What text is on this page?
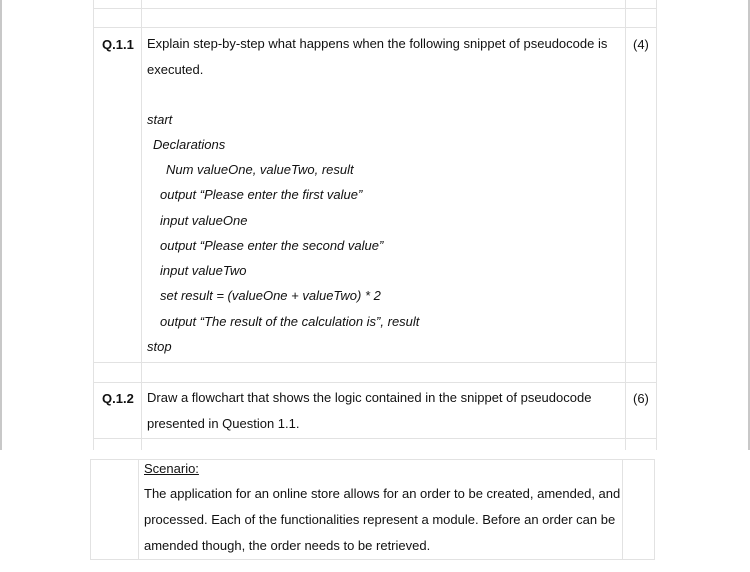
Q.1.1 Explain step-by-step what happens when the following snippet of pseudocode is
executed.

(4)
start
Declarations
Num valueOne, valueTwo, result
output “Please enter the first value”
input valueOne
output “Please enter the second value”
input valueTwo
set result = (valueOne + valueTwo) * 2
output “The result of the calculation is”, result
stop
Q.1.2 Draw a flowchart that shows the logic contained in the snippet of pseudocode
presented in Question 1.1.

(6)
Scenario:

The application for an online store allows for an order to be created, amended, and
processed. Each of the functionalities represent a module. Before an order can be
amended though, the order needs to be retrieved.
